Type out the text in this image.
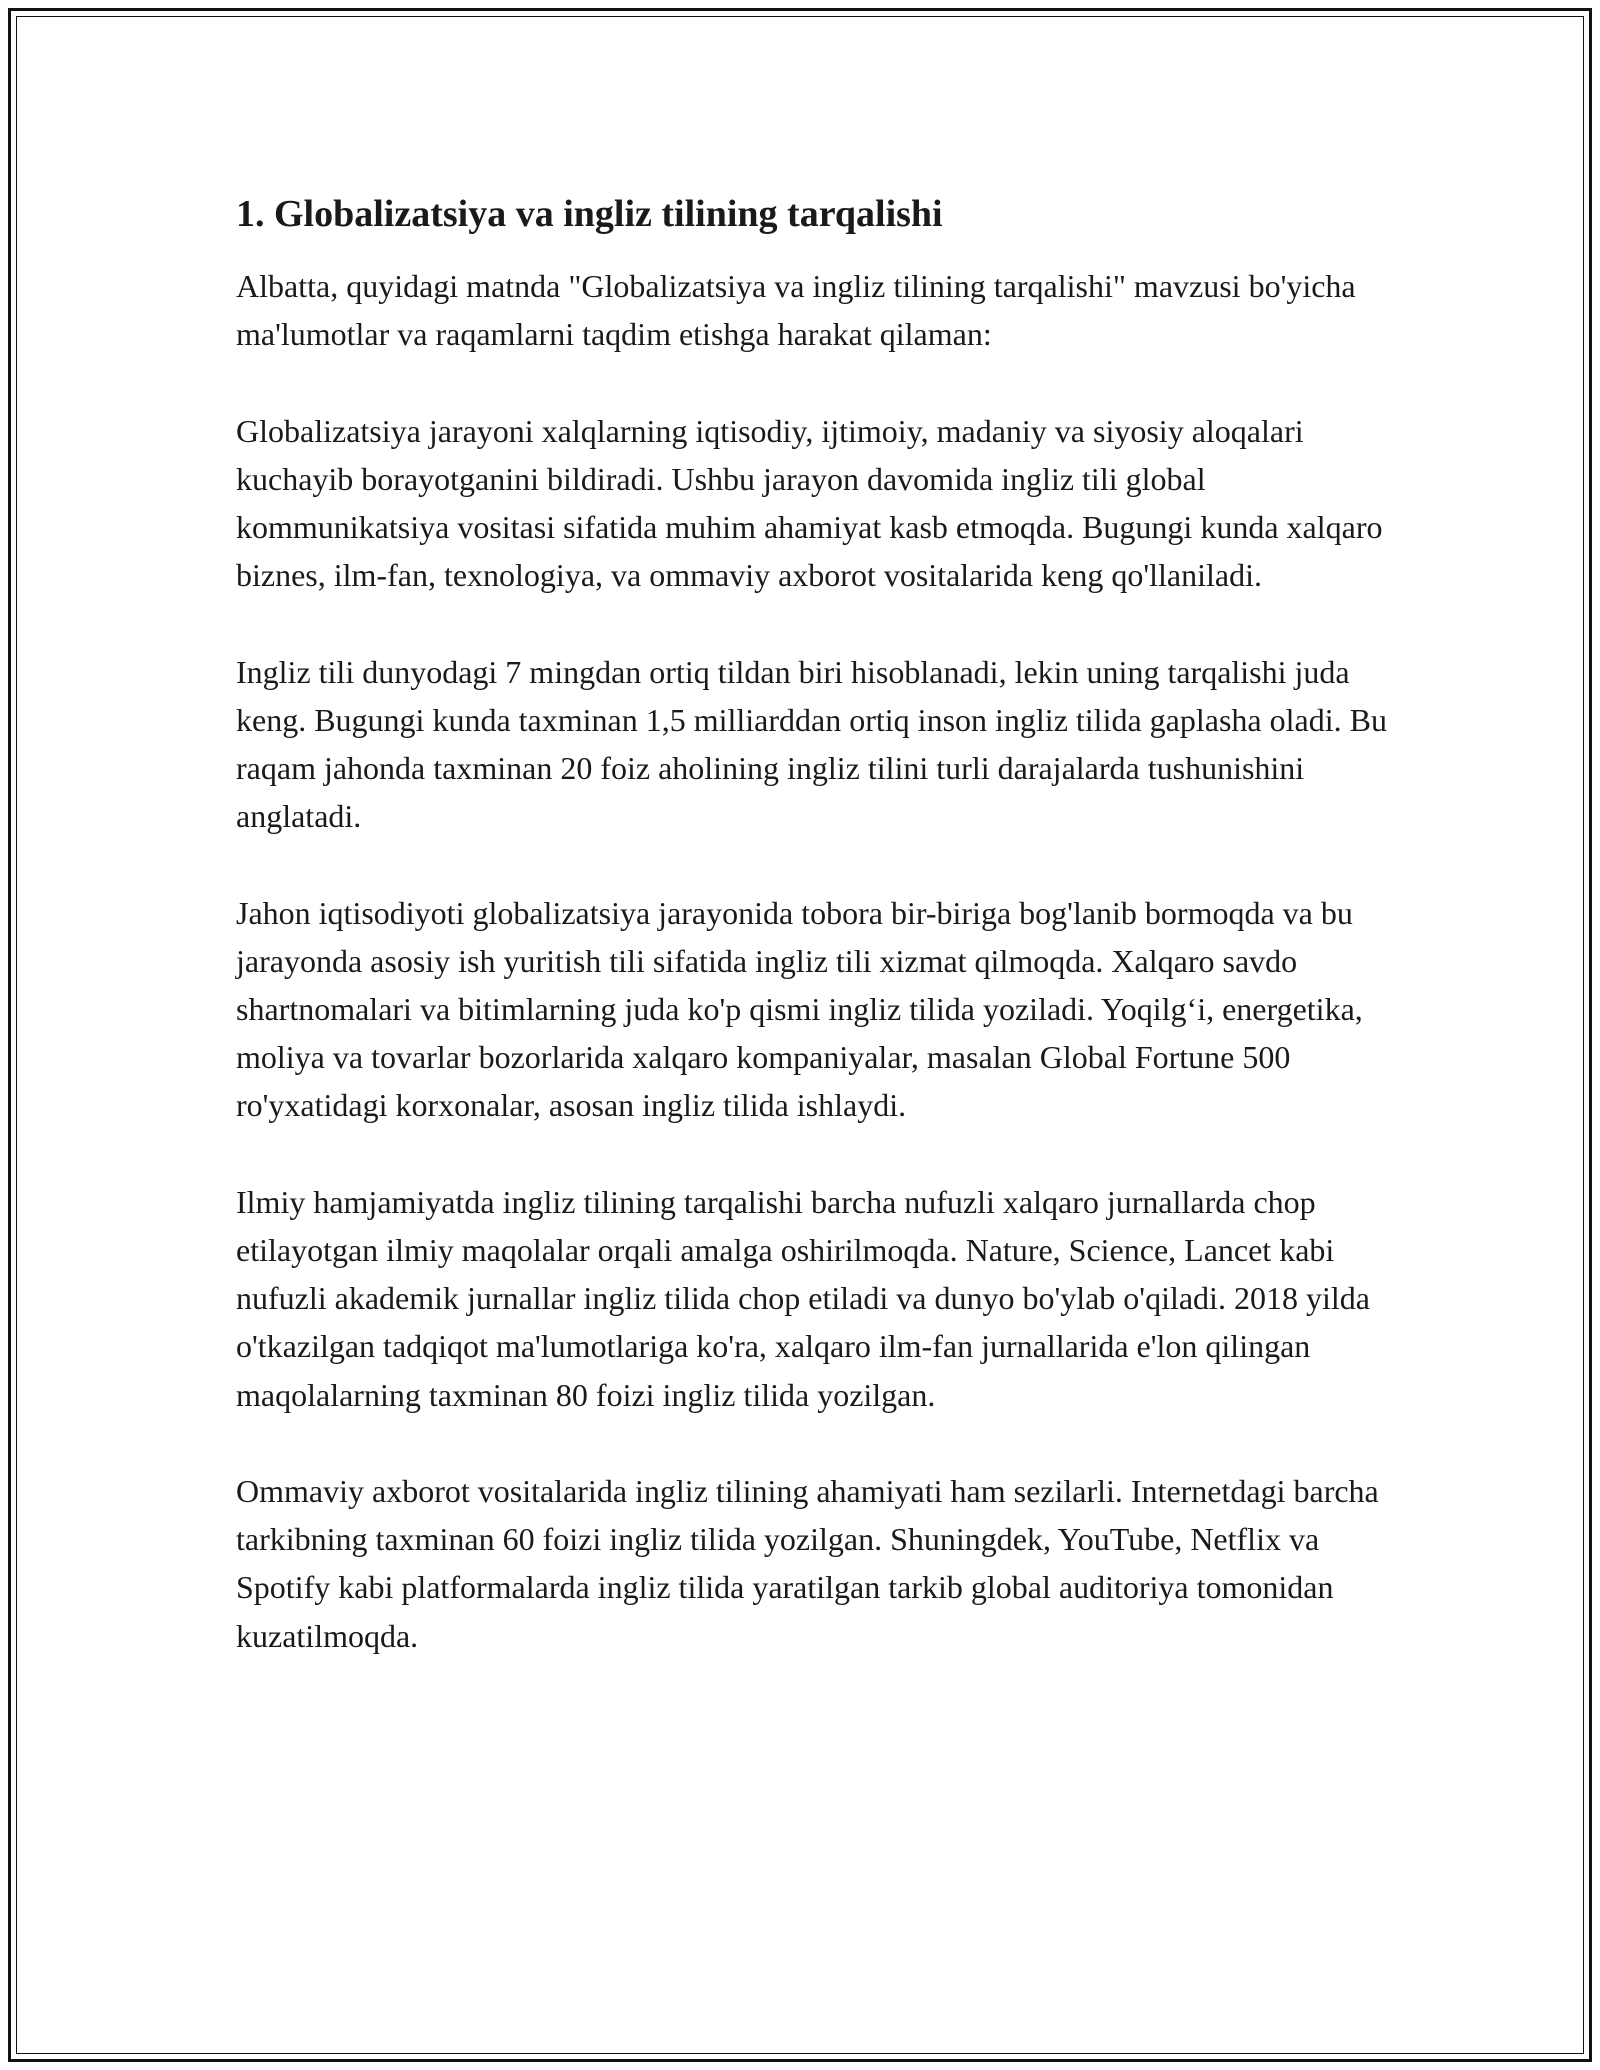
1. Globalizatsiya va ingliz tilining tarqalishi

Albatta, quyidagi matnda "Globalizatsiya va ingliz tilining tarqalishi" mavzusi bo'yicha ma'lumotlar va raqamlarni taqdim etishga harakat qilaman:

Globalizatsiya jarayoni xalqlarning iqtisodiy, ijtimoiy, madaniy va siyosiy aloqalari kuchayib borayotganini bildiradi. Ushbu jarayon davomida ingliz tili global kommunikatsiya vositasi sifatida muhim ahamiyat kasb etmoqda. Bugungi kunda xalqaro biznes, ilm-fan, texnologiya, va ommaviy axborot vositalarida keng qo'llaniladi.

Ingliz tili dunyodagi 7 mingdan ortiq tildan biri hisoblanadi, lekin uning tarqalishi juda keng. Bugungi kunda taxminan 1,5 milliarddan ortiq inson ingliz tilida gaplasha oladi. Bu raqam jahonda taxminan 20 foiz aholining ingliz tilini turli darajalarda tushunishini anglatadi.

Jahon iqtisodiyoti globalizatsiya jarayonida tobora bir-biriga bog'lanib bormoqda va bu jarayonda asosiy ish yuritish tili sifatida ingliz tili xizmat qilmoqda. Xalqaro savdo shartnomalari va bitimlarning juda ko'p qismi ingliz tilida yoziladi. Yoqilg‘i, energetika, moliya va tovarlar bozorlarida xalqaro kompaniyalar, masalan Global Fortune 500 ro'yxatidagi korxonalar, asosan ingliz tilida ishlaydi.

Ilmiy hamjamiyatda ingliz tilining tarqalishi barcha nufuzli xalqaro jurnallarda chop etilayotgan ilmiy maqolalar orqali amalga oshirilmoqda. Nature, Science, Lancet kabi nufuzli akademik jurnallar ingliz tilida chop etiladi va dunyo bo'ylab o'qiladi. 2018 yilda o'tkazilgan tadqiqot ma'lumotlariga ko'ra, xalqaro ilm-fan jurnallarida e'lon qilingan maqolalarning taxminan 80 foizi ingliz tilida yozilgan.

Ommaviy axborot vositalarida ingliz tilining ahamiyati ham sezilarli. Internetdagi barcha tarkibning taxminan 60 foizi ingliz tilida yozilgan. Shuningdek, YouTube, Netflix va Spotify kabi platformalarda ingliz tilida yaratilgan tarkib global auditoriya tomonidan kuzatilmoqda.
